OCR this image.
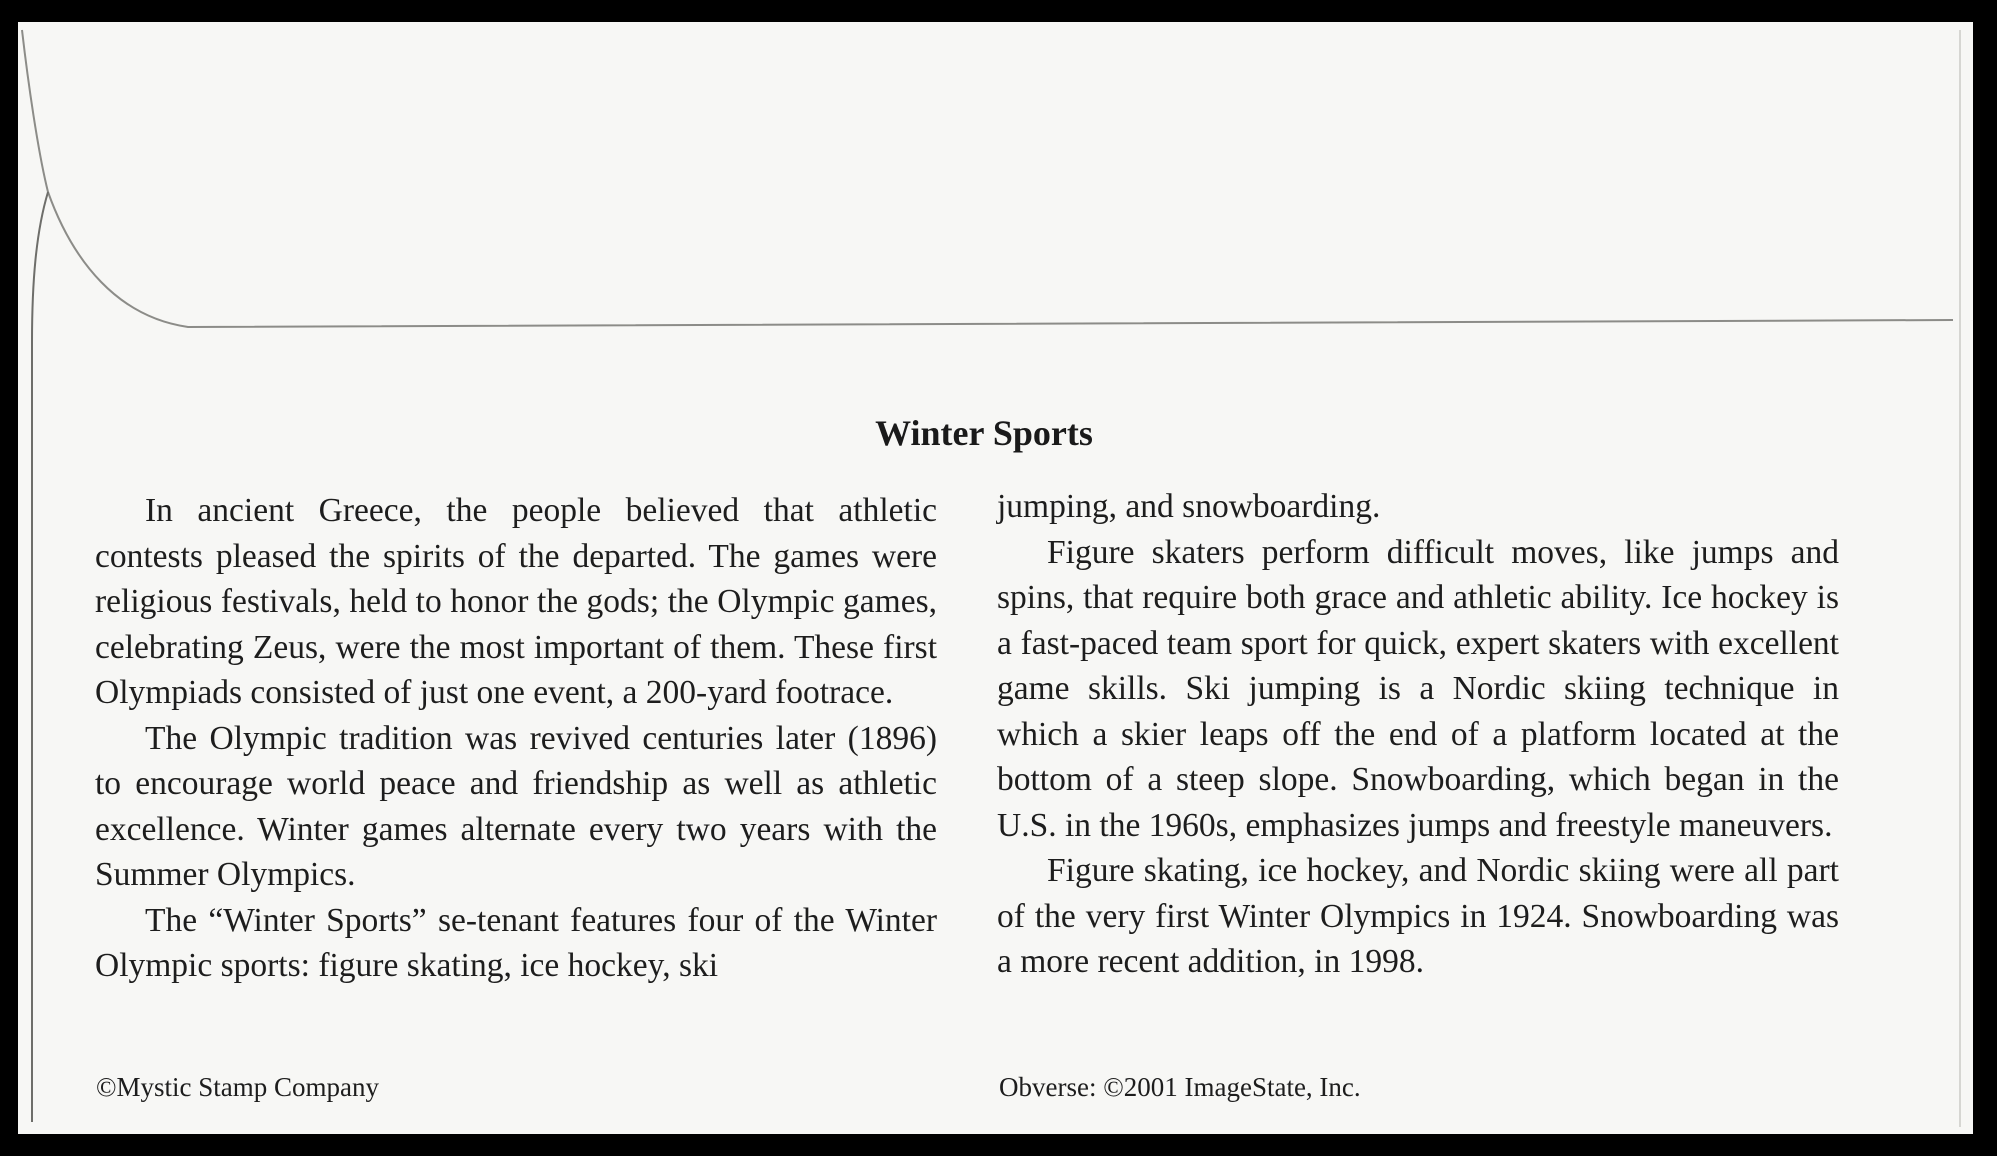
Winter Sports

In ancient Greece, the people believed that athletic contests pleased the spirits of the departed. The games were religious festivals, held to honor the gods; the Olympic games, celebrating Zeus, were the most important of them. These first Olympiads consisted of just one event, a 200-yard footrace.

The Olympic tradition was revived centuries later (1896) to encourage world peace and friendship as well as athletic excellence. Winter games alternate every two years with the Summer Olympics.

The “Winter Sports” se-tenant features four of the Winter Olympic sports: figure skating, ice hockey, ski

jumping, and snowboarding.

Figure skaters perform difficult moves, like jumps and spins, that require both grace and athletic ability. Ice hockey is a fast-paced team sport for quick, expert skaters with excellent game skills. Ski jumping is a Nordic skiing technique in which a skier leaps off the end of a platform located at the bottom of a steep slope. Snowboarding, which began in the U.S. in the 1960s, emphasizes jumps and freestyle maneuvers.

Figure skating, ice hockey, and Nordic skiing were all part of the very first Winter Olympics in 1924. Snowboarding was a more recent addition, in 1998.

©Mystic Stamp Company	Obverse: ©2001 ImageState, Inc.
